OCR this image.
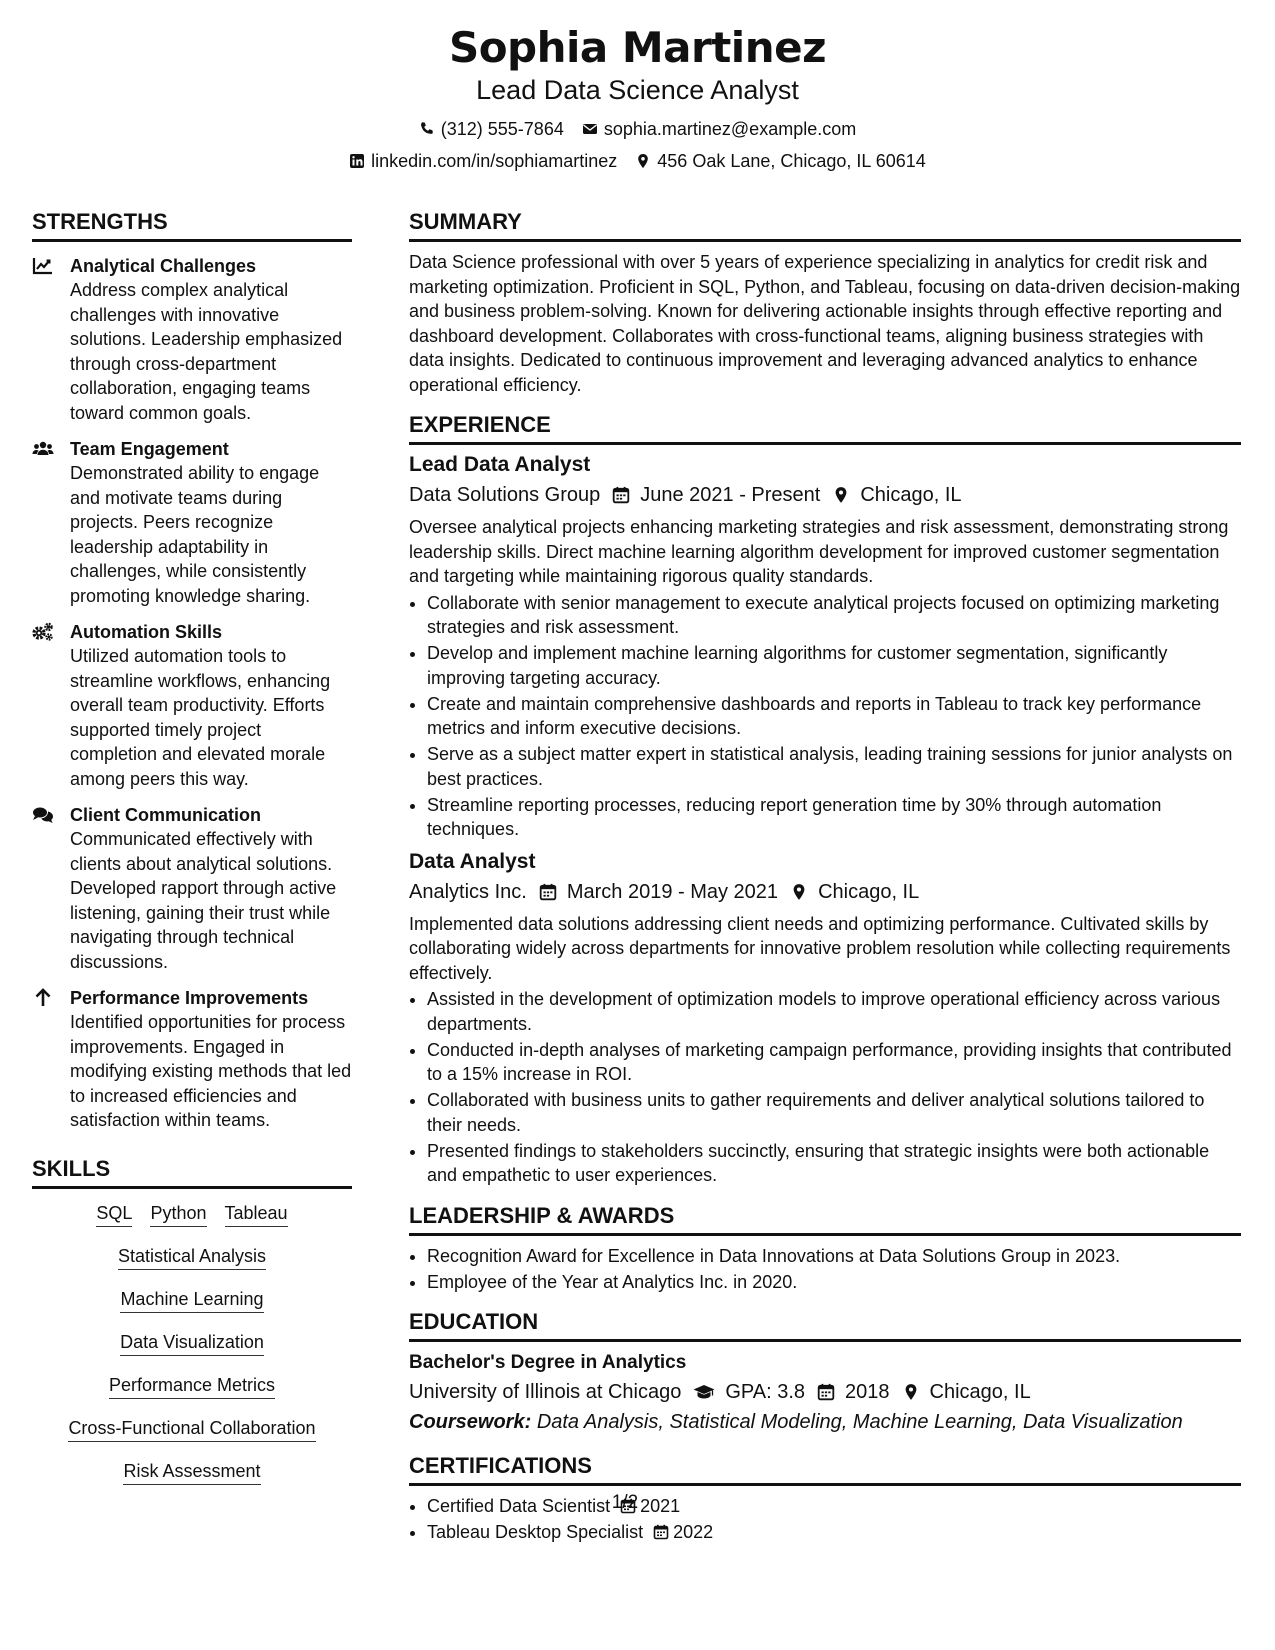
Sophia Martinez
Lead Data Science Analyst
(312) 555-7864 sophia.martinez@example.com
linkedin.com/in/sophiamartinez 456 Oak Lane, Chicago, IL 60614
STRENGTHS
Analytical Challenges
Address complex analytical challenges with innovative solutions. Leadership emphasized through cross-department collaboration, engaging teams toward common goals.
Team Engagement
Demonstrated ability to engage and motivate teams during projects. Peers recognize leadership adaptability in challenges, while consistently promoting knowledge sharing.
Automation Skills
Utilized automation tools to streamline workflows, enhancing overall team productivity. Efforts supported timely project completion and elevated morale among peers this way.
Client Communication
Communicated effectively with clients about analytical solutions. Developed rapport through active listening, gaining their trust while navigating through technical discussions.
Performance Improvements
Identified opportunities for process improvements. Engaged in modifying existing methods that led to increased efficiencies and satisfaction within teams.
SKILLS
SQL Python Tableau
Statistical Analysis
Machine Learning
Data Visualization
Performance Metrics
Cross-Functional Collaboration
Risk Assessment
SUMMARY
Data Science professional with over 5 years of experience specializing in analytics for credit risk and marketing optimization. Proficient in SQL, Python, and Tableau, focusing on data-driven decision-making and business problem-solving. Known for delivering actionable insights through effective reporting and dashboard development. Collaborates with cross-functional teams, aligning business strategies with data insights. Dedicated to continuous improvement and leveraging advanced analytics to enhance operational efficiency.
EXPERIENCE
Lead Data Analyst
Data Solutions Group June 2021 - Present Chicago, IL
Oversee analytical projects enhancing marketing strategies and risk assessment, demonstrating strong leadership skills. Direct machine learning algorithm development for improved customer segmentation and targeting while maintaining rigorous quality standards.
• Collaborate with senior management to execute analytical projects focused on optimizing marketing strategies and risk assessment.
• Develop and implement machine learning algorithms for customer segmentation, significantly improving targeting accuracy.
• Create and maintain comprehensive dashboards and reports in Tableau to track key performance metrics and inform executive decisions.
• Serve as a subject matter expert in statistical analysis, leading training sessions for junior analysts on best practices.
• Streamline reporting processes, reducing report generation time by 30% through automation techniques.
Data Analyst
Analytics Inc. March 2019 - May 2021 Chicago, IL
Implemented data solutions addressing client needs and optimizing performance. Cultivated skills by collaborating widely across departments for innovative problem resolution while collecting requirements effectively.
• Assisted in the development of optimization models to improve operational efficiency across various departments.
• Conducted in-depth analyses of marketing campaign performance, providing insights that contributed to a 15% increase in ROI.
• Collaborated with business units to gather requirements and deliver analytical solutions tailored to their needs.
• Presented findings to stakeholders succinctly, ensuring that strategic insights were both actionable and empathetic to user experiences.
LEADERSHIP & AWARDS
• Recognition Award for Excellence in Data Innovations at Data Solutions Group in 2023.
• Employee of the Year at Analytics Inc. in 2020.
EDUCATION
Bachelor's Degree in Analytics
University of Illinois at Chicago GPA: 3.8 2018 Chicago, IL
Coursework: Data Analysis, Statistical Modeling, Machine Learning, Data Visualization
CERTIFICATIONS
• Certified Data Scientist 2021
• Tableau Desktop Specialist 2022
1/2
